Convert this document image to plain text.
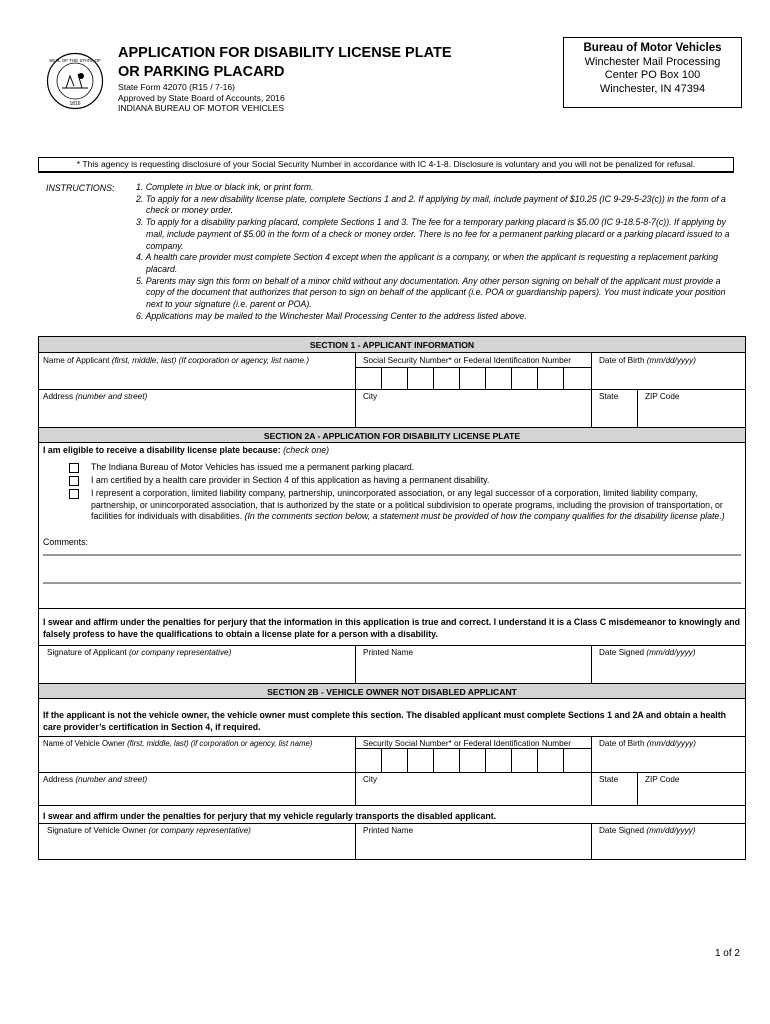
SEAL OF THE STATE OF
1816
APPLICATION FOR DISABILITY LICENSE PLATE
OR PARKING PLACARD
State Form 42070 (R15 / 7-16)
Approved by State Board of Accounts, 2016
INDIANA BUREAU OF MOTOR VEHICLES
Bureau of Motor Vehicles
Winchester Mail Processing
Center PO Box 100
Winchester, IN 47394
* This agency is requesting disclosure of your Social Security Number in accordance with IC 4-1-8. Disclosure is voluntary and you will not be penalized for refusal.
INSTRUCTIONS: 1. Complete in blue or black ink, or print form.
2. To apply for a new disability license plate, complete Sections 1 and 2. If applying by mail, include payment of $10.25 (IC 9-29-5-23(c)) in the form of a check or money order.
3. To apply for a disability parking placard, complete Sections 1 and 3. The fee for a temporary parking placard is $5.00 (IC 9-18.5-8-7(c)). If applying by mail, include payment of $5.00 in the form of a check or money order. There is no fee for a permanent parking placard or a parking placard issued to a company.
4. A health care provider must complete Section 4 except when the applicant is a company, or when the applicant is requesting a replacement parking placard.
5. Parents may sign this form on behalf of a minor child without any documentation. Any other person signing on behalf of the applicant must provide a copy of the document that authorizes that person to sign on behalf of the applicant (i.e. POA or guardianship papers). You must indicate your position next to your signature (i.e. parent or POA).
6. Applications may be mailed to the Winchester Mail Processing Center to the address listed above.
SECTION 1 - APPLICANT INFORMATION
Name of Applicant (first, middle, last) (If corporation or agency, list name.)	Social Security Number* or Federal Identification Number	Date of Birth (mm/dd/yyyy)
Address (number and street)	City	State	ZIP Code
SECTION 2A - APPLICATION FOR DISABILITY LICENSE PLATE
I am eligible to receive a disability license plate because: (check one)
The Indiana Bureau of Motor Vehicles has issued me a permanent parking placard.
I am certified by a health care provider in Section 4 of this application as having a permanent disability.
I represent a corporation, limited liability company, partnership, unincorporated association, or any legal successor of a corporation, limited liability company, partnership, or unincorporated association, that is authorized by the state or a political subdivision to operate programs, including the provision of transportation, or facilities for individuals with disabilities. (In the comments section below, a statement must be provided of how the company qualifies for the disability license plate.)
Comments:
I swear and affirm under the penalties for perjury that the information in this application is true and correct. I understand it is a Class C misdemeanor to knowingly and falsely profess to have the qualifications to obtain a license plate for a person with a disability.
Signature of Applicant (or company representative)	Printed Name	Date Signed (mm/dd/yyyy)
SECTION 2B - VEHICLE OWNER NOT DISABLED APPLICANT
If the applicant is not the vehicle owner, the vehicle owner must complete this section. The disabled applicant must complete Sections 1 and 2A and obtain a health care provider’s certification in Section 4, if required.
Name of Vehicle Owner (first, middle, last) (if corporation or agency, list name)	Security Social Number* or Federal Identification Number	Date of Birth (mm/dd/yyyy)
Address (number and street)	City	State	ZIP Code
I swear and affirm under the penalties for perjury that my vehicle regularly transports the disabled applicant.
Signature of Vehicle Owner (or company representative)	Printed Name	Date Signed (mm/dd/yyyy)
1 of 2
